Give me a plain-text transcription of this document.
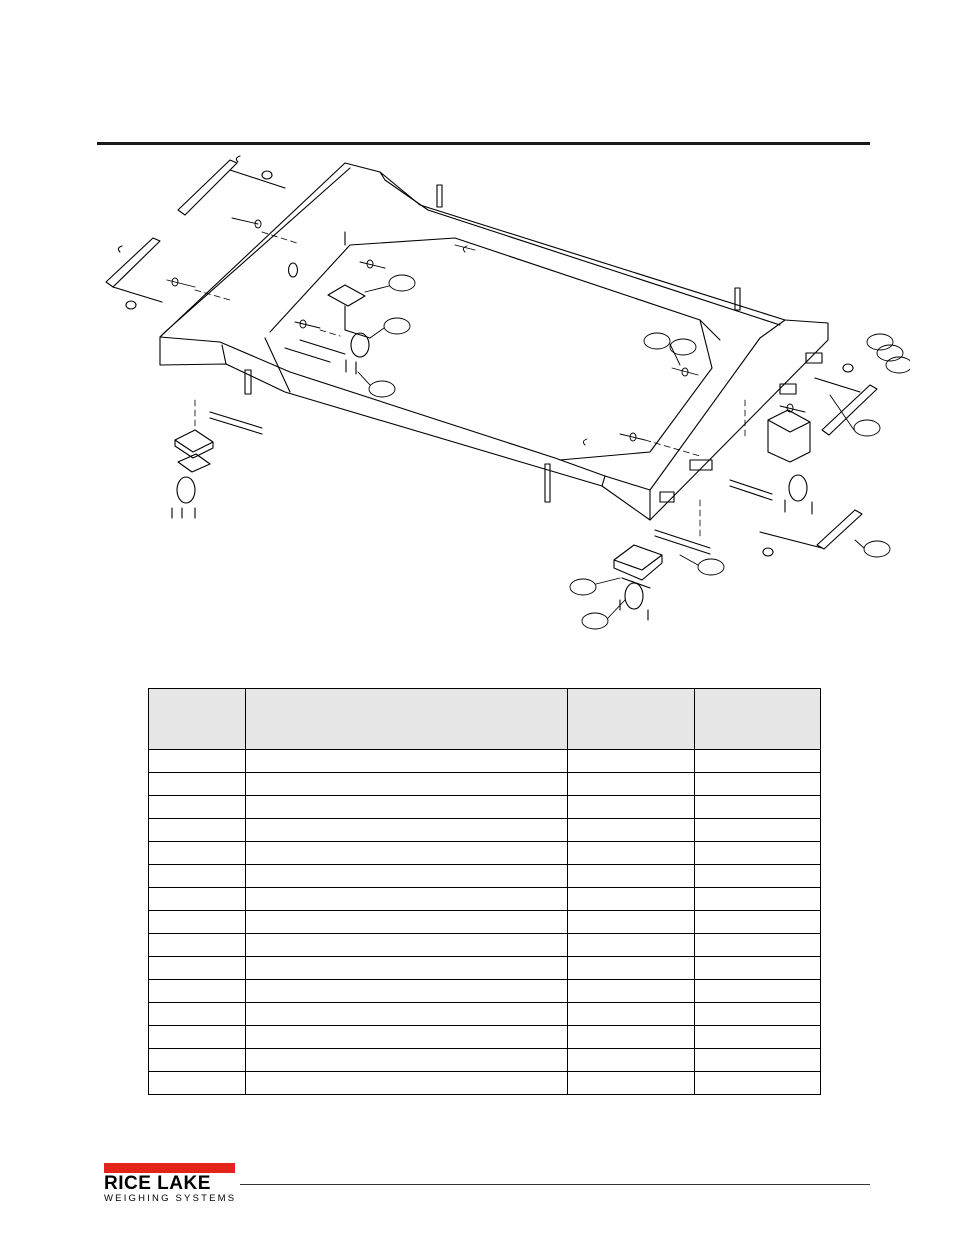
RICE LAKE
WEIGHING SYSTEMS
